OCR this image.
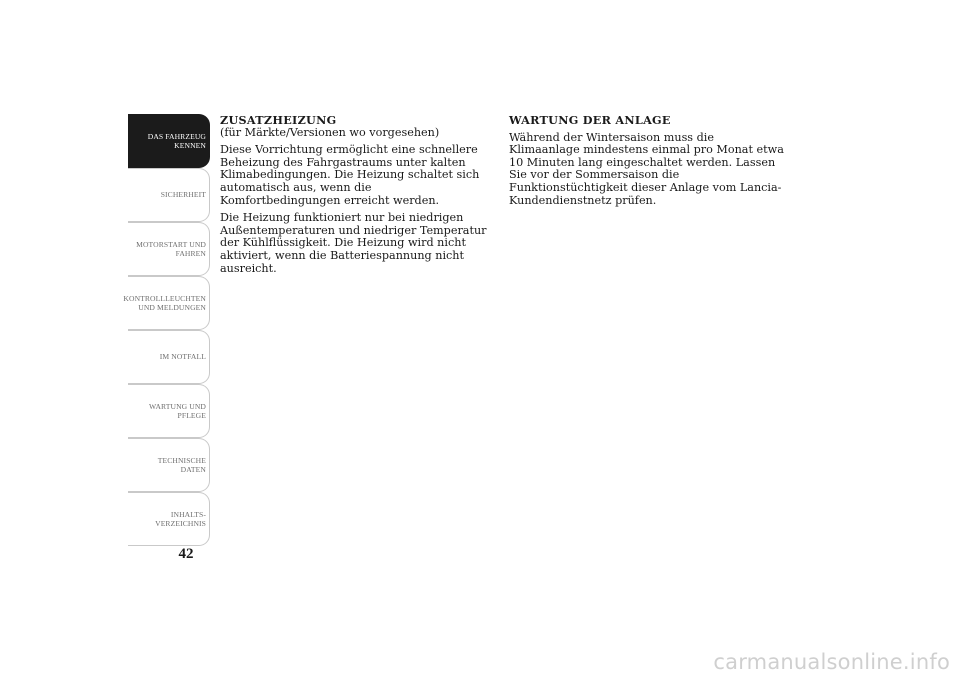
DAS FAHRZEUG
KENNEN
SICHERHEIT
MOTORSTART UND
FAHREN
KONTROLLLEUCHTEN
UND MELDUNGEN
IM NOTFALL
WARTUNG UND
PFLEGE
TECHNISCHE
DATEN
INHALTS-
VERZEICHNIS
42

ZUSATZHEIZUNG

(für Märkte/Versionen wo vorgesehen)

Diese Vorrichtung ermöglicht eine schnellere Beheizung des Fahrgastraums unter kalten Klimabedingungen. Die Heizung schaltet sich automatisch aus, wenn die Komfortbedingungen erreicht werden.

Die Heizung funktioniert nur bei niedrigen Außentemperaturen und niedriger Temperatur der Kühlflüssigkeit. Die Heizung wird nicht aktiviert, wenn die Batteriespannung nicht ausreicht.

WARTUNG DER ANLAGE

Während der Wintersaison muss die Klimaanlage mindestens einmal pro Monat etwa 10 Minuten lang eingeschaltet werden. Lassen Sie vor der Sommersaison die Funktionstüchtigkeit dieser Anlage vom Lancia-Kundendienstnetz prüfen.

carmanualsonline.info
